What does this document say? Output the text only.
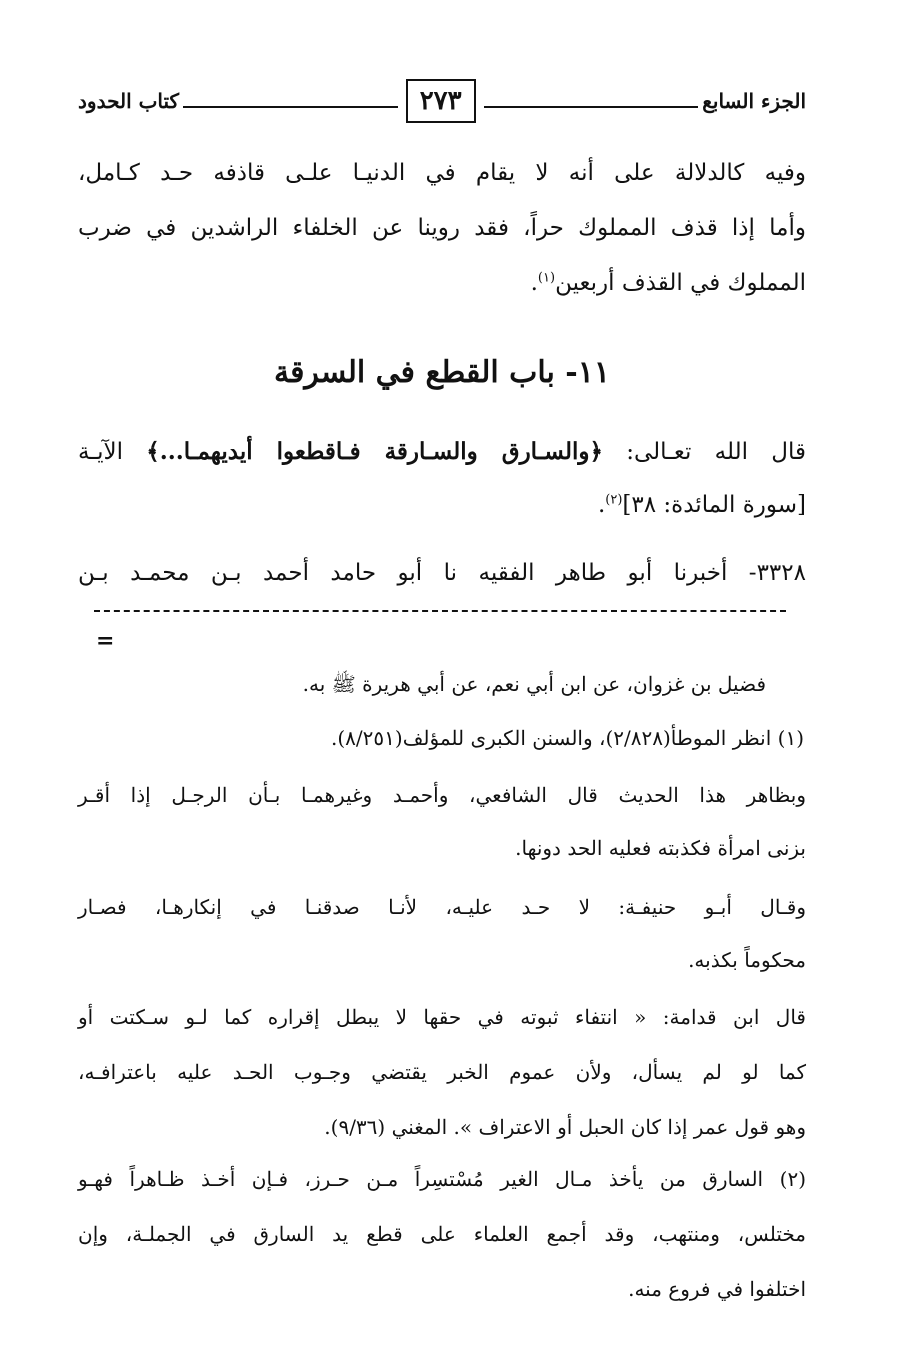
الجزء السابع
٢٧٣
كتاب الحدود
وفيه كالدلالة على أنه لا يقام في الدنيـا علـى قاذفه حـد كـامل،
وأما إذا قذف المملوك حراً، فقد روينا عن الخلفاء الراشدين في ضرب
المملوك في القذف أربعين$^{(١)}$.
١١- باب القطع في السرقة
قال الله تعـالى: ﴿والسـارق والسـارقة فـاقطعوا أيديهمـا...﴾ الآيـة
[سورة المائدة: ٣٨]$^{(٢)}$.
٣٣٢٨- أخبرنا أبو طاهر الفقيه نا أبو حامد أحمد بـن محمـد بـن
=
فضيل بن غزوان، عن ابن أبي نعم، عن أبي هريرة ﷺ به.
(١) انظر الموطأ(٢/٨٢٨)، والسنن الكبرى للمؤلف(٨/٢٥١).
وبظاهر هذا الحديث قال الشافعي، وأحمـد وغيرهمـا بـأن الرجـل إذا أقـر
بزنى امرأة فكذبته فعليه الحد دونها.
وقـال أبـو حنيفـة: لا حـد عليـه، لأنـا صدقنـا في إنكارهـا، فصـار
محكوماً بكذبه.
قال ابن قدامة: « انتفاء ثبوته في حقها لا يبطل إقراره كما لـو سـكتت أو
كما لو لم يسأل، ولأن عموم الخبر يقتضي وجـوب الحـد عليه باعترافـه،
وهو قول عمر إذا كان الحبل أو الاعتراف ». المغني (٩/٣٦).
(٢) السارق من يأخذ مـال الغير مُسْتسِراً مـن حـرز، فـإن أخـذ ظـاهراً فهـو
مختلس، ومنتهب، وقد أجمع العلماء على قطع يد السارق في الجملـة، وإن
اختلفوا في فروع منه.
